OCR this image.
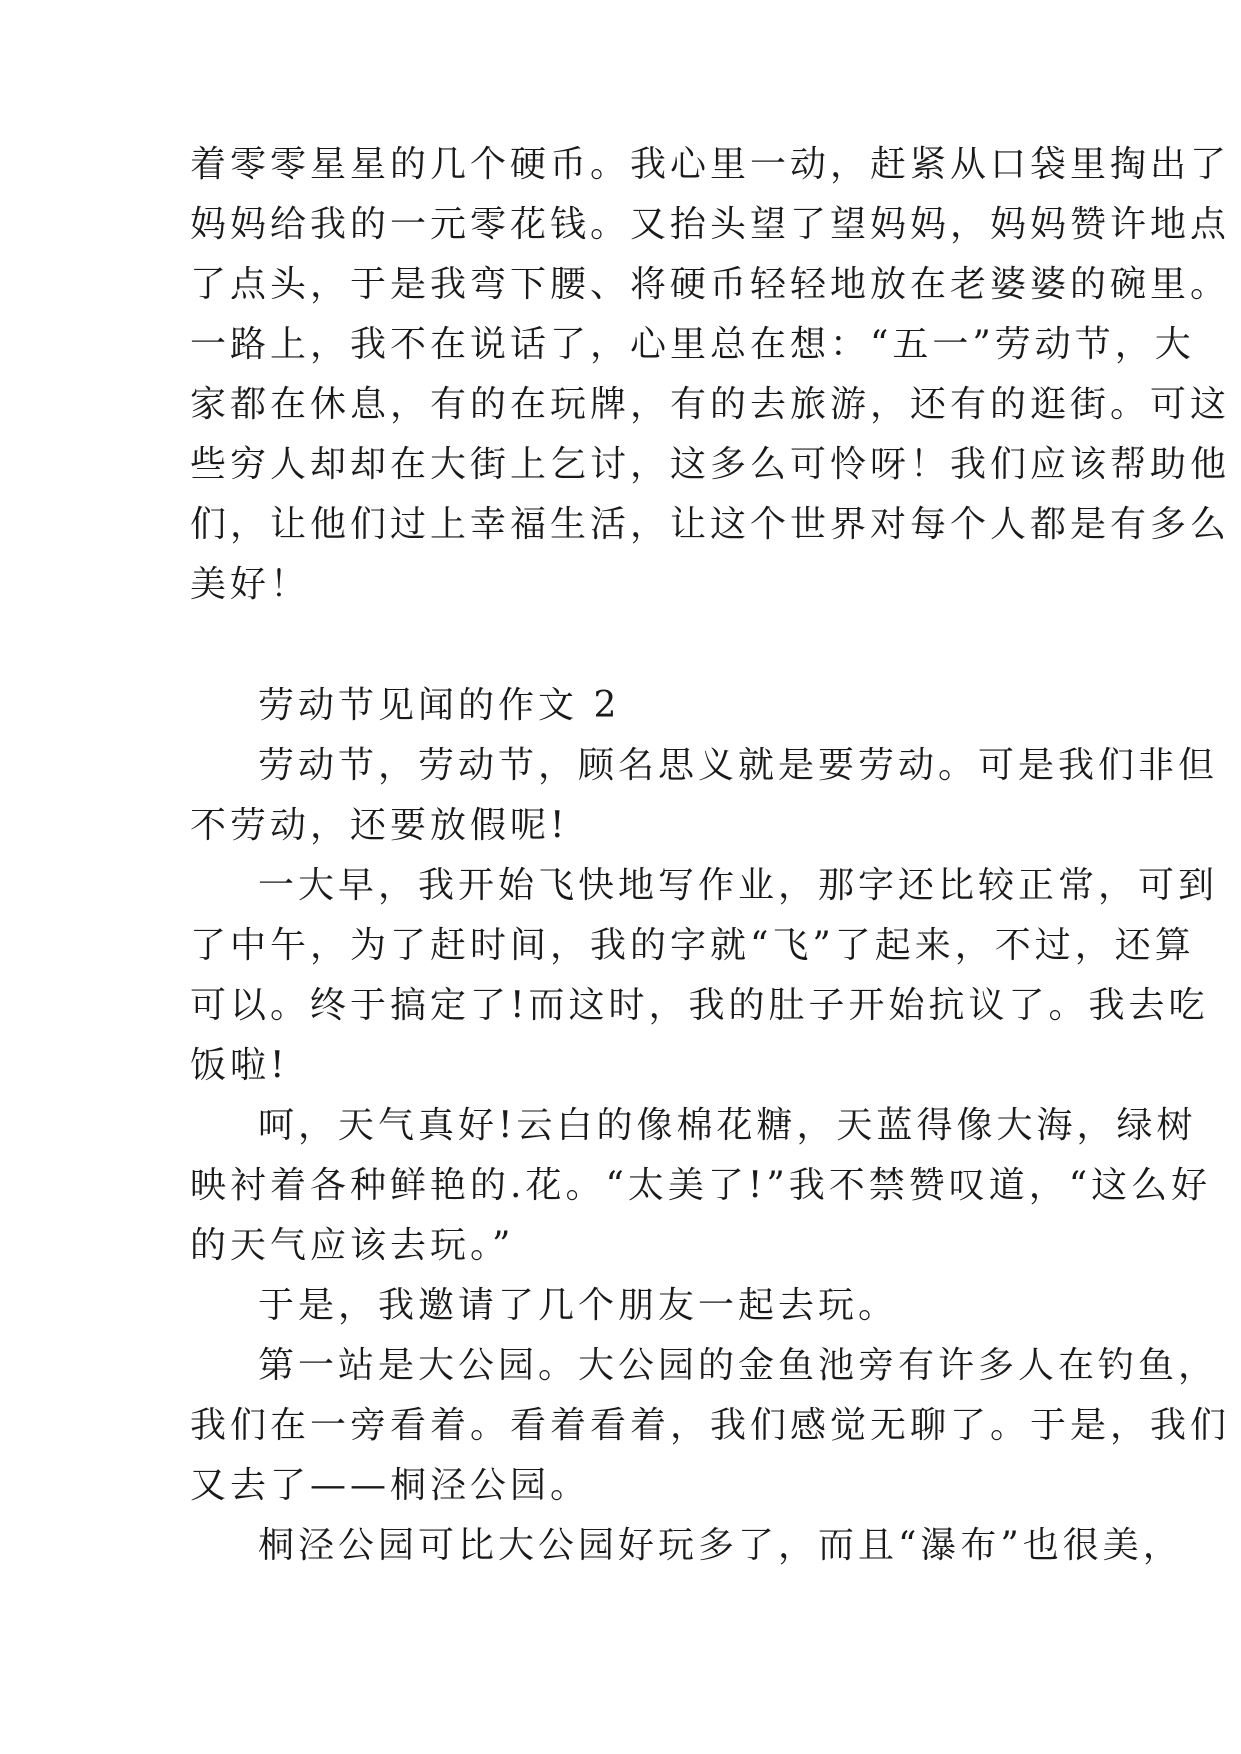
着零零星星的几个硬币。我心里一动，赶紧从口袋里掏出了
妈妈给我的一元零花钱。又抬头望了望妈妈，妈妈赞许地点
了点头，于是我弯下腰、将硬币轻轻地放在老婆婆的碗里。
一路上，我不在说话了，心里总在想：“五一”劳动节，大
家都在休息，有的在玩牌，有的去旅游，还有的逛街。可这
些穷人却却在大街上乞讨，这多么可怜呀！我们应该帮助他
们，让他们过上幸福生活，让这个世界对每个人都是有多么
美好！
劳动节见闻的作文 2
劳动节，劳动节，顾名思义就是要劳动。可是我们非但
不劳动，还要放假呢!
一大早，我开始飞快地写作业，那字还比较正常，可到
了中午，为了赶时间，我的字就“飞”了起来，不过，还算
可以。终于搞定了!而这时，我的肚子开始抗议了。我去吃
饭啦!
呵，天气真好!云白的像棉花糖，天蓝得像大海，绿树
映衬着各种鲜艳的.花。“太美了!”我不禁赞叹道，“这么好
的天气应该去玩。”
于是，我邀请了几个朋友一起去玩。
第一站是大公园。大公园的金鱼池旁有许多人在钓鱼，
我们在一旁看着。看着看着，我们感觉无聊了。于是，我们
又去了——桐泾公园。
桐泾公园可比大公园好玩多了，而且“瀑布”也很美，
